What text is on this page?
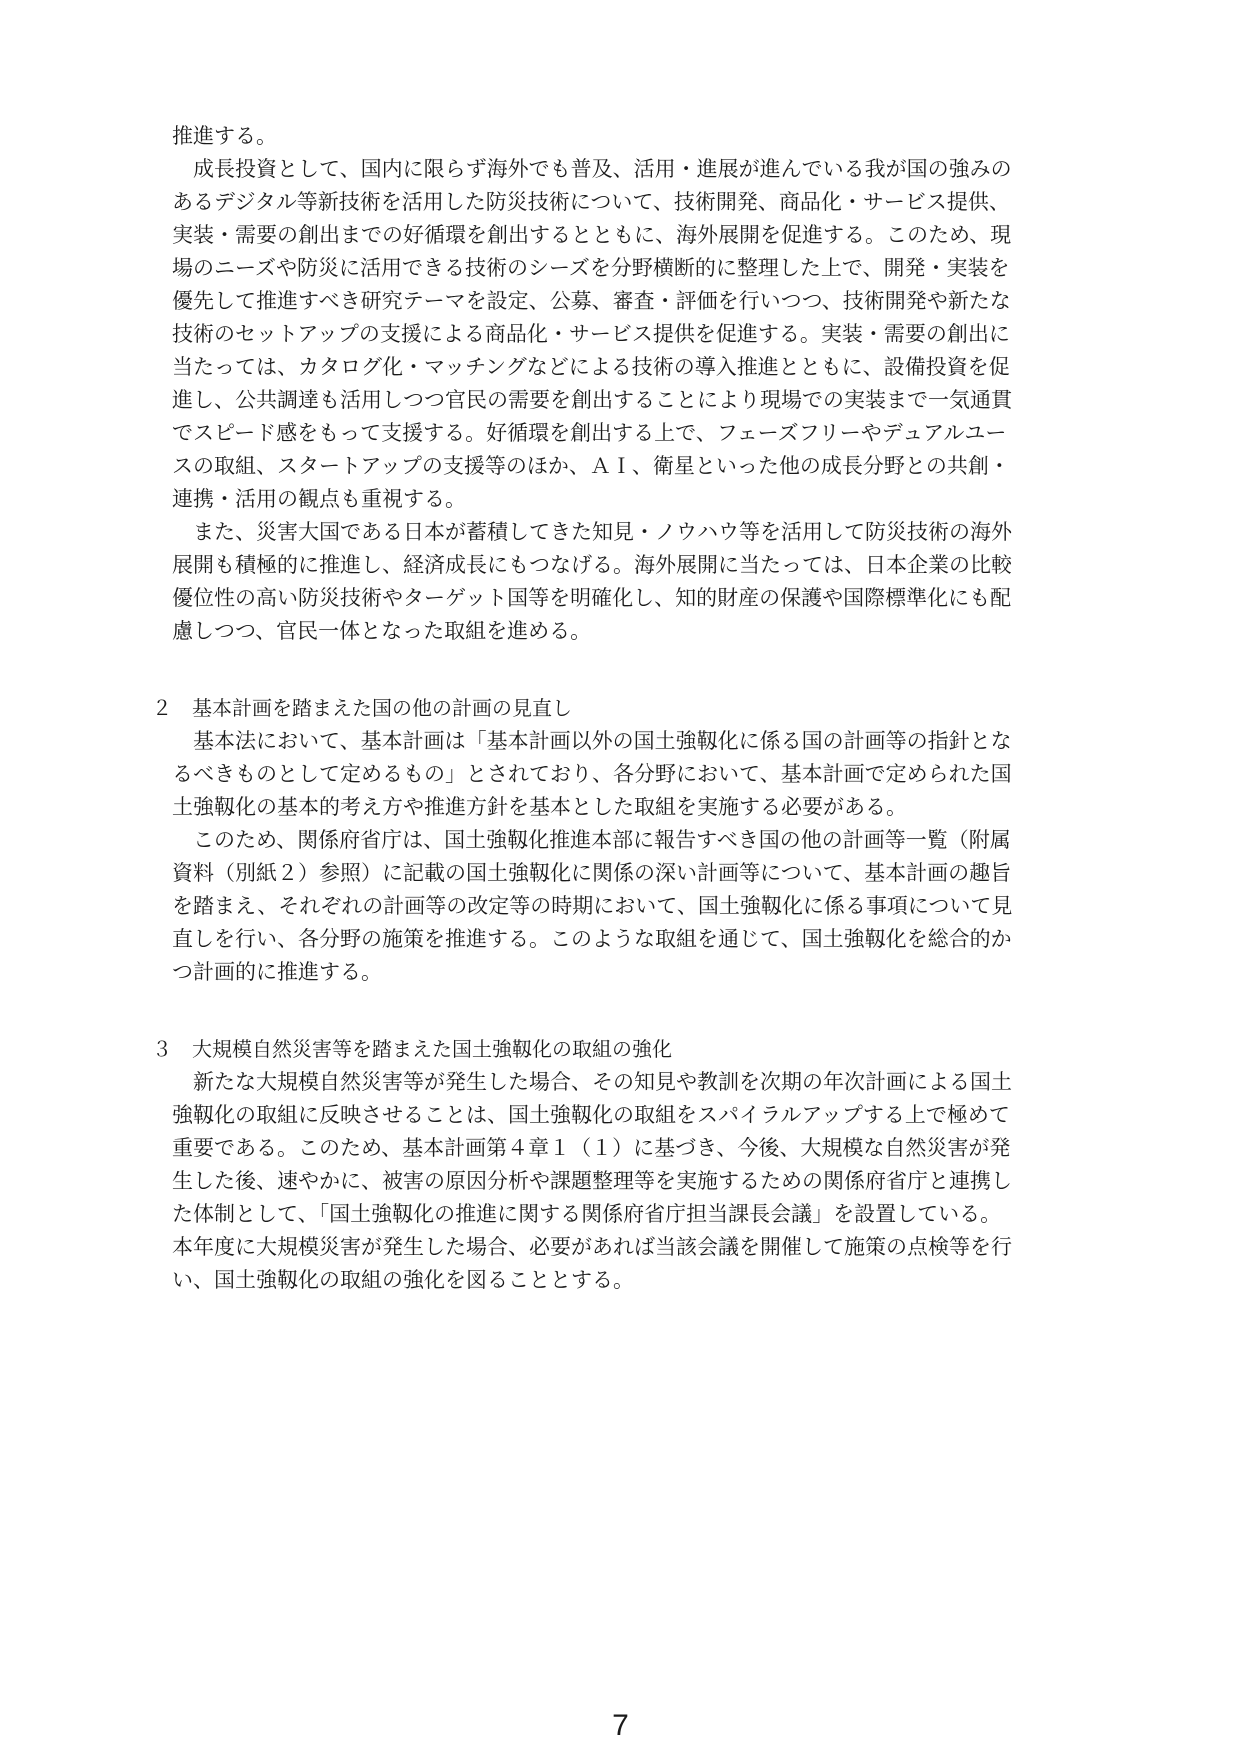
推進する。
　成長投資として、国内に限らず海外でも普及、活用・進展が進んでいる我が国の強みの
あるデジタル等新技術を活用した防災技術について、技術開発、商品化・サービス提供、
実装・需要の創出までの好循環を創出するとともに、海外展開を促進する。このため、現
場のニーズや防災に活用できる技術のシーズを分野横断的に整理した上で、開発・実装を
優先して推進すべき研究テーマを設定、公募、審査・評価を行いつつ、技術開発や新たな
技術のセットアップの支援による商品化・サービス提供を促進する。実装・需要の創出に
当たっては、カタログ化・マッチングなどによる技術の導入推進とともに、設備投資を促
進し、公共調達も活用しつつ官民の需要を創出することにより現場での実装まで一気通貫
でスピード感をもって支援する。好循環を創出する上で、フェーズフリーやデュアルユー
スの取組、スタートアップの支援等のほか、ＡＩ、衛星といった他の成長分野との共創・
連携・活用の観点も重視する。
　また、災害大国である日本が蓄積してきた知見・ノウハウ等を活用して防災技術の海外
展開も積極的に推進し、経済成長にもつなげる。海外展開に当たっては、日本企業の比較
優位性の高い防災技術やターゲット国等を明確化し、知的財産の保護や国際標準化にも配
慮しつつ、官民一体となった取組を進める。
２ 基本計画を踏まえた国の他の計画の見直し
　基本法において、基本計画は「基本計画以外の国土強靱化に係る国の計画等の指針とな
るべきものとして定めるもの」とされており、各分野において、基本計画で定められた国
土強靱化の基本的考え方や推進方針を基本とした取組を実施する必要がある。
　このため、関係府省庁は、国土強靱化推進本部に報告すべき国の他の計画等一覧（附属
資料（別紙２）参照）に記載の国土強靱化に関係の深い計画等について、基本計画の趣旨
を踏まえ、それぞれの計画等の改定等の時期において、国土強靱化に係る事項について見
直しを行い、各分野の施策を推進する。このような取組を通じて、国土強靱化を総合的か
つ計画的に推進する。
３ 大規模自然災害等を踏まえた国土強靱化の取組の強化
　新たな大規模自然災害等が発生した場合、その知見や教訓を次期の年次計画による国土
強靱化の取組に反映させることは、国土強靱化の取組をスパイラルアップする上で極めて
重要である。このため、基本計画第４章１（１）に基づき、今後、大規模な自然災害が発
生した後、速やかに、被害の原因分析や課題整理等を実施するための関係府省庁と連携し
た体制として、「国土強靱化の推進に関する関係府省庁担当課長会議」を設置している。
本年度に大規模災害が発生した場合、必要があれば当該会議を開催して施策の点検等を行
い、国土強靱化の取組の強化を図ることとする。
7
